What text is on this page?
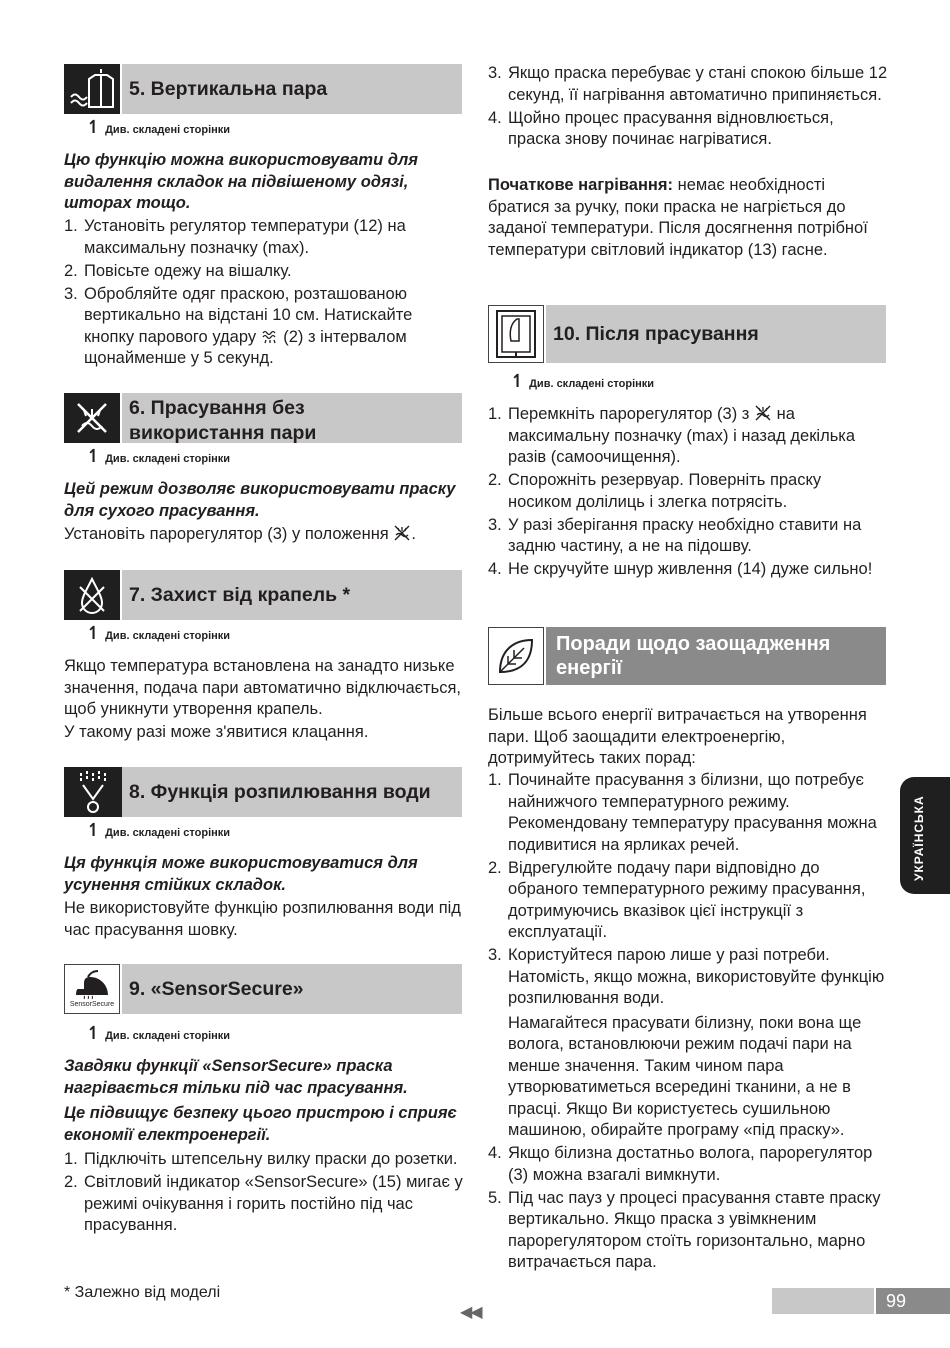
5. Вертикальна пара
↿ Див. складені сторінки
Цю функцію можна використовувати для видалення складок на підвішеному одязі, шторах тощо.
1. Установіть регулятор температури (12) на максимальну позначку (max).
2. Повісьте одежу на вішалку.
3. Обробляйте одяг праскою, розташованою вертикально на відстані 10 см. Натискайте кнопку парового удару (2) з інтервалом щонайменше у 5 секунд.
6. Прасування без
використання пари
↿ Див. складені сторінки
Цей режим дозволяє використовувати праску для сухого прасування.
Установіть парорегулятор (3) у положення .
7. Захист від крапель *
↿ Див. складені сторінки
Якщо температура встановлена на занадто низьке значення, подача пари автоматично відключається, щоб уникнути утворення крапель.
У такому разі може з'явитися клацання.
8. Функція розпилювання води
↿ Див. складені сторінки
Ця функція може використовуватися для усунення стійких складок.
Не використовуйте функцію розпилювання води під час прасування шовку.
SensorSecure
9. «SensorSecure»
↿ Див. складені сторінки
Завдяки функції «SensorSecure» праска нагрівається тільки під час прасування.
Це підвищує безпеку цього пристрою і сприяє економії електроенергії.
1. Підключіть штепсельну вилку праски до розетки.
2. Світловий індикатор «SensorSecure» (15) мигає у режимі очікування і горить постійно під час прасування.
3. Якщо праска перебуває у стані спокою більше 12 секунд, її нагрівання автоматично припиняється.
4. Щойно процес прасування відновлюється, праска знову починає нагріватися.
Початкове нагрівання: немає необхідності братися за ручку, поки праска не нагріється до заданої температури. Після досягнення потрібної температури світловий індикатор (13) гасне.
10. Після прасування
↿ Див. складені сторінки
1. Перемкніть парорегулятор (3) з на максимальну позначку (max) і назад декілька разів (самоочищення).
2. Спорожніть резервуар. Поверніть праску носиком долілиць і злегка потрясіть.
3. У разі зберігання праску необхідно ставити на задню частину, а не на підошву.
4. Не скручуйте шнур живлення (14) дуже сильно!
Більше всього енергії витрачається на утворення пари. Щоб заощадити електроенергію, дотримуйтесь таких порад:
1. Починайте прасування з білизни, що потребує найнижчого температурного режиму. Рекомендовану температуру прасування можна подивитися на ярликах речей.
2. Відрегулюйте подачу пари відповідно до обраного температурного режиму прасування, дотримуючись вказівок цієї інструкції з експлуатації.
3. Користуйтеся парою лише у разі потреби. Натомість, якщо можна, використовуйте функцію розпилювання води.
Намагайтеся прасувати білизну, поки вона ще волога, встановлюючи режим подачі пари на менше значення. Таким чином пара утворюватиметься всередині тканини, а не в прасці. Якщо Ви користуєтесь сушильною машиною, обирайте програму «під праску».
4. Якщо білизна достатньо волога, парорегулятор (3) можна взагалі вимкнути.
5. Під час пауз у процесі прасування ставте праску вертикально. Якщо праска з увімкненим парорегулятором стоїть горизонтально, марно витрачається пара.
Поради щодо заощадження
енергії
УКРАЇНСЬКА
* Залежно від моделі
◀◀
99
